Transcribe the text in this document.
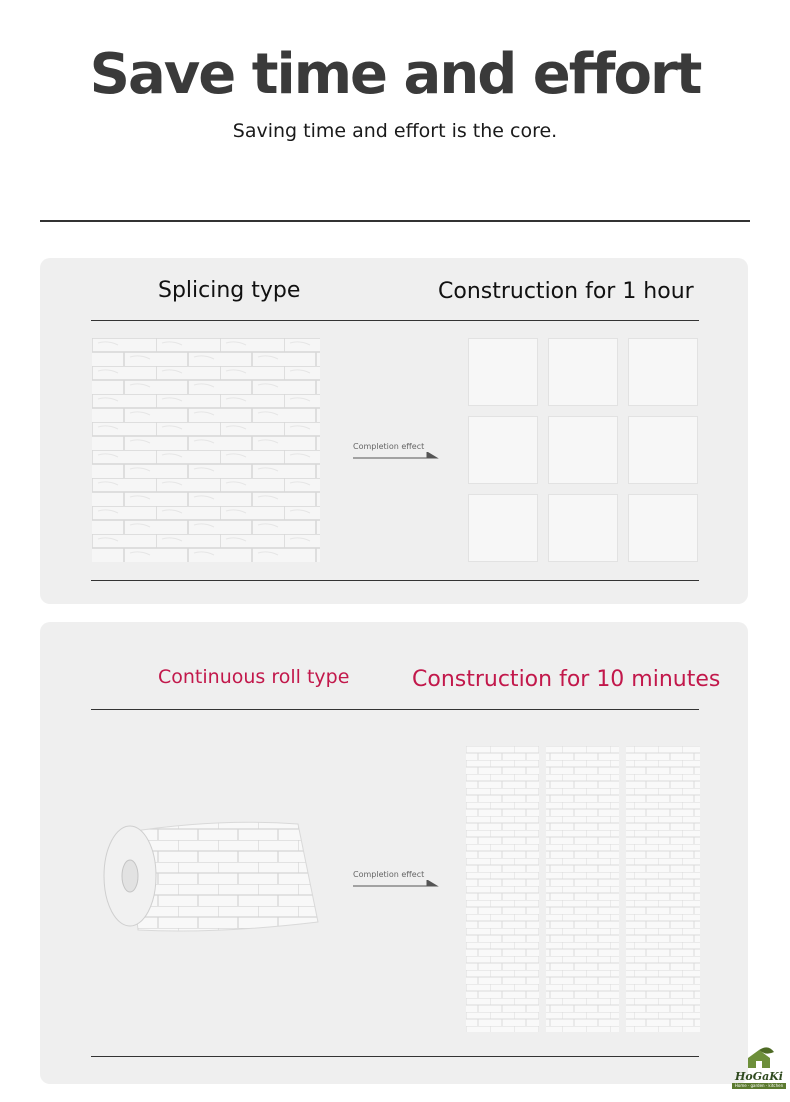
Save time and effort
Saving time and effort is the core.
Splicing type	Construction for 1 hour
Completion effect
Continuous roll type	Construction for 10 minutes
Completion effect
HoGaKi
Home · garden · kitchen
